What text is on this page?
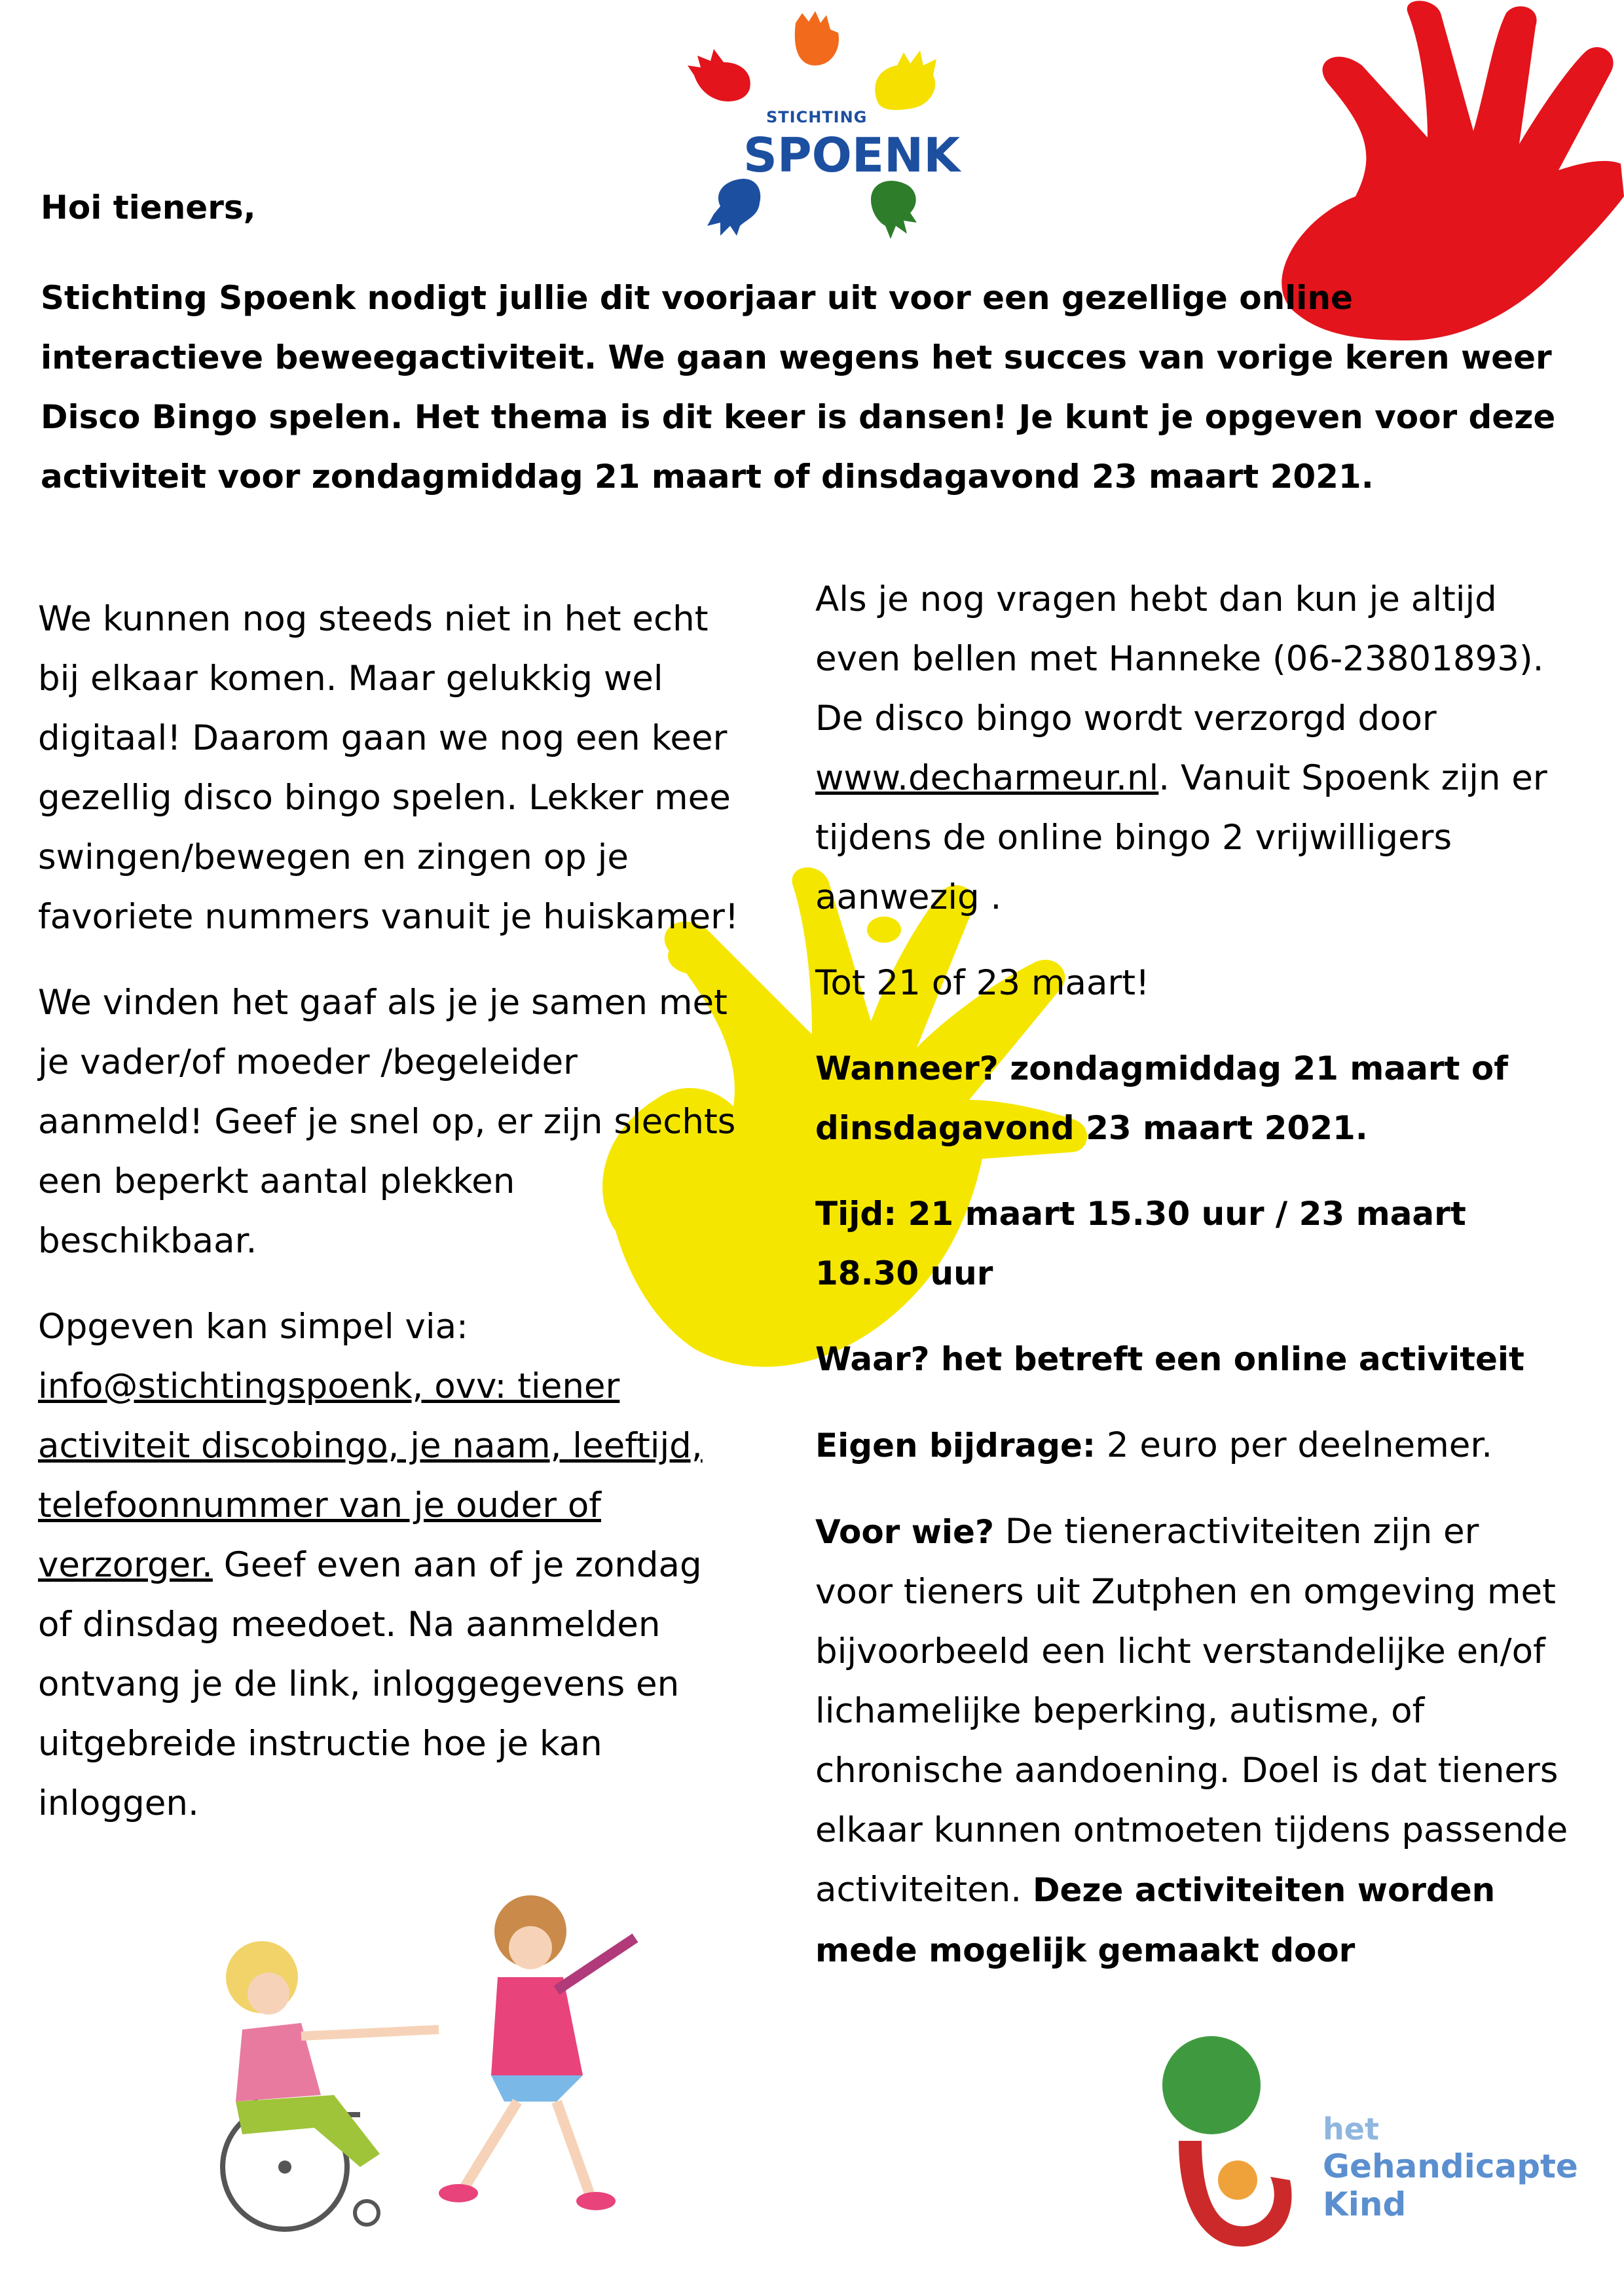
STICHTING
SPOENK
Hoi tieners,
Stichting Spoenk nodigt jullie dit voorjaar uit voor een gezellige online
interactieve beweegactiviteit. We gaan wegens het succes van vorige keren weer
Disco Bingo spelen. Het thema is dit keer is dansen! Je kunt je opgeven voor deze
activiteit voor zondagmiddag 21 maart of dinsdagavond 23 maart 2021.

We kunnen nog steeds niet in het echt
bij elkaar komen. Maar gelukkig wel
digitaal! Daarom gaan we nog een keer
gezellig disco bingo spelen. Lekker mee
swingen/bewegen en zingen op je
favoriete nummers vanuit je huiskamer!

We vinden het gaaf als je je samen met
je vader/of moeder /begeleider
aanmeld! Geef je snel op, er zijn slechts
een beperkt aantal plekken
beschikbaar.

Opgeven kan simpel via:
info@stichtingspoenk, ovv: tiener
activiteit discobingo, je naam, leeftijd,
telefoonnummer van je ouder of
verzorger. Geef even aan of je zondag
of dinsdag meedoet. Na aanmelden
ontvang je de link, inloggegevens en
uitgebreide instructie hoe je kan
inloggen.

Als je nog vragen hebt dan kun je altijd
even bellen met Hanneke (06-23801893).
De disco bingo wordt verzorgd door
www.decharmeur.nl. Vanuit Spoenk zijn er
tijdens de online bingo 2 vrijwilligers
aanwezig .

Tot 21 of 23 maart!

Wanneer? zondagmiddag 21 maart of
dinsdagavond 23 maart 2021.

Tijd: 21 maart 15.30 uur / 23 maart
18.30 uur

Waar? het betreft een online activiteit

Eigen bijdrage: 2 euro per deelnemer.

Voor wie? De tieneractiviteiten zijn er
voor tieners uit Zutphen en omgeving met
bijvoorbeeld een licht verstandelijke en/of
lichamelijke beperking, autisme, of
chronische aandoening. Doel is dat tieners
elkaar kunnen ontmoeten tijdens passende
activiteiten. Deze activiteiten worden
mede mogelijk gemaakt door

het
Gehandicapte
Kind
